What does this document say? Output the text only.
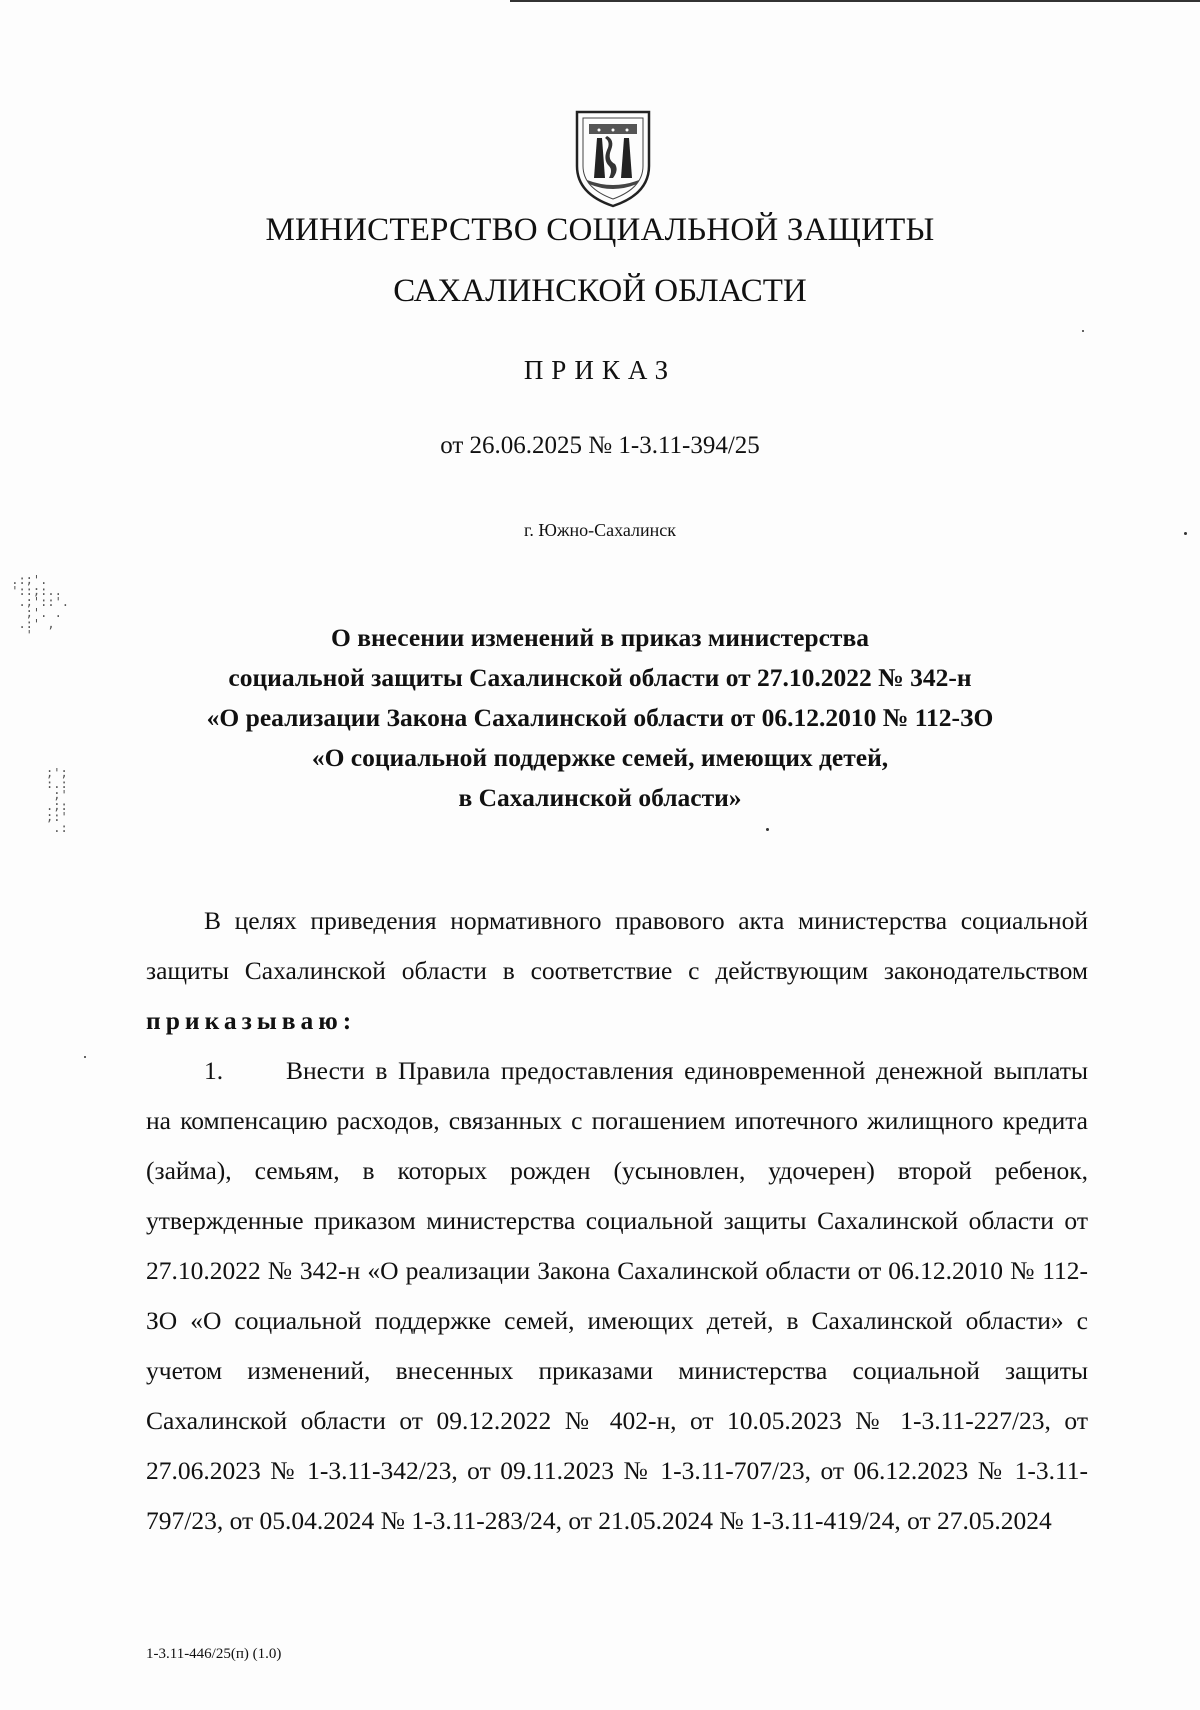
МИНИСТЕРСТВО СОЦИАЛЬНОЙ ЗАЩИТЫ
САХАЛИНСКОЙ ОБЛАСТИ
ПРИКАЗ
от 26.06.2025 № 1-3.11-394/25
г. Южно-Сахалинск
О внесении изменений в приказ министерства
социальной защиты Сахалинской области от 27.10.2022 № 342-н
«О реализации Закона Сахалинской области от 06.12.2010 № 112-ЗО
«О социальной поддержке семей, имеющих детей,
в Сахалинской области»
В целях приведения нормативного правового акта министерства социальной защиты Сахалинской области в соответствие с действующим законодательством приказываю:
1. Внести в Правила предоставления единовременной денежной выплаты на компенсацию расходов, связанных с погашением ипотечного жилищного кредита (займа), семьям, в которых рожден (усыновлен, удочерен) второй ребенок, утвержденные приказом министерства социальной защиты Сахалинской области от 27.10.2022 № 342-н «О реализации Закона Сахалинской области от 06.12.2010 № 112-ЗО «О социальной поддержке семей, имеющих детей, в Сахалинской области» с учетом изменений, внесенных приказами министерства социальной защиты Сахалинской области от 09.12.2022 № 402-н, от 10.05.2023 № 1-3.11-227/23, от 27.06.2023 № 1-3.11-342/23, от 09.11.2023 № 1-3.11-707/23, от 06.12.2023 № 1-3.11-797/23, от 05.04.2024 № 1-3.11-283/24, от 21.05.2024 № 1-3.11-419/24, от 27.05.2024
1-3.11-446/25(п) (1.0)
.:;'.
'::;:..
.;'::'.
;'. .
.:' ,
'
;';
:.:
;'
.;:
;:'
.:
